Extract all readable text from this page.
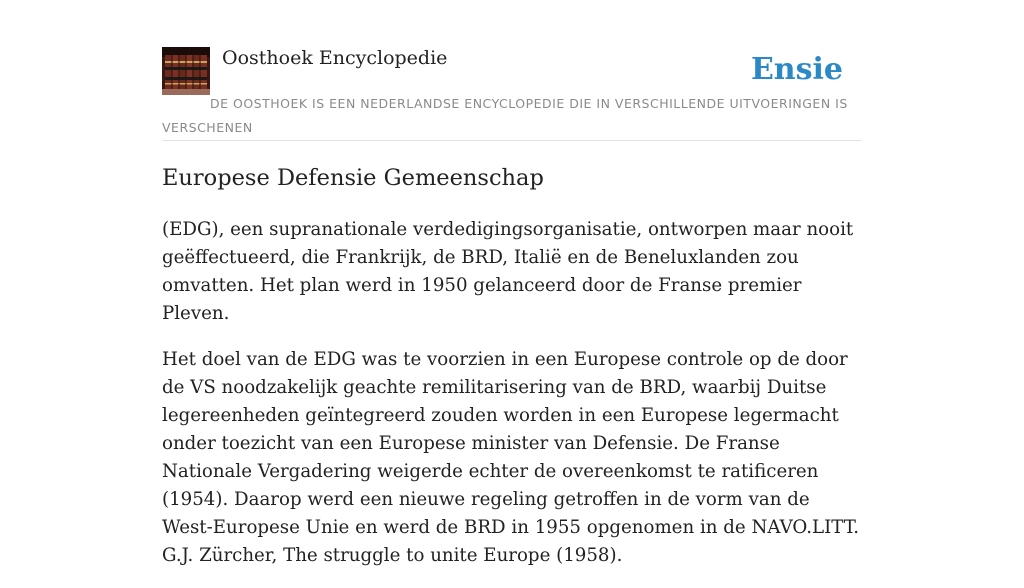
Oosthoek Encyclopedie	Ensie
DE OOSTHOEK IS EEN NEDERLANDSE ENCYCLOPEDIE DIE IN VERSCHILLENDE UITVOERINGEN IS VERSCHENEN
Europese Defensie Gemeenschap

(EDG), een supranationale verdedigingsorganisatie, ontworpen maar nooit geëffectueerd, die Frankrijk, de BRD, Italië en de Beneluxlanden zou omvatten. Het plan werd in 1950 gelanceerd door de Franse premier Pleven.

Het doel van de EDG was te voorzien in een Europese controle op de door de VS noodzakelijk geachte remilitarisering van de BRD, waarbij Duitse legereenheden geïntegreerd zouden worden in een Europese legermacht onder toezicht van een Europese minister van Defensie. De Franse Nationale Vergadering weigerde echter de overeenkomst te ratificeren (1954). Daarop werd een nieuwe regeling getroffen in de vorm van de West-Europese Unie en werd de BRD in 1955 opgenomen in de NAVO.LITT. G.J. Zürcher, The struggle to unite Europe (1958).
